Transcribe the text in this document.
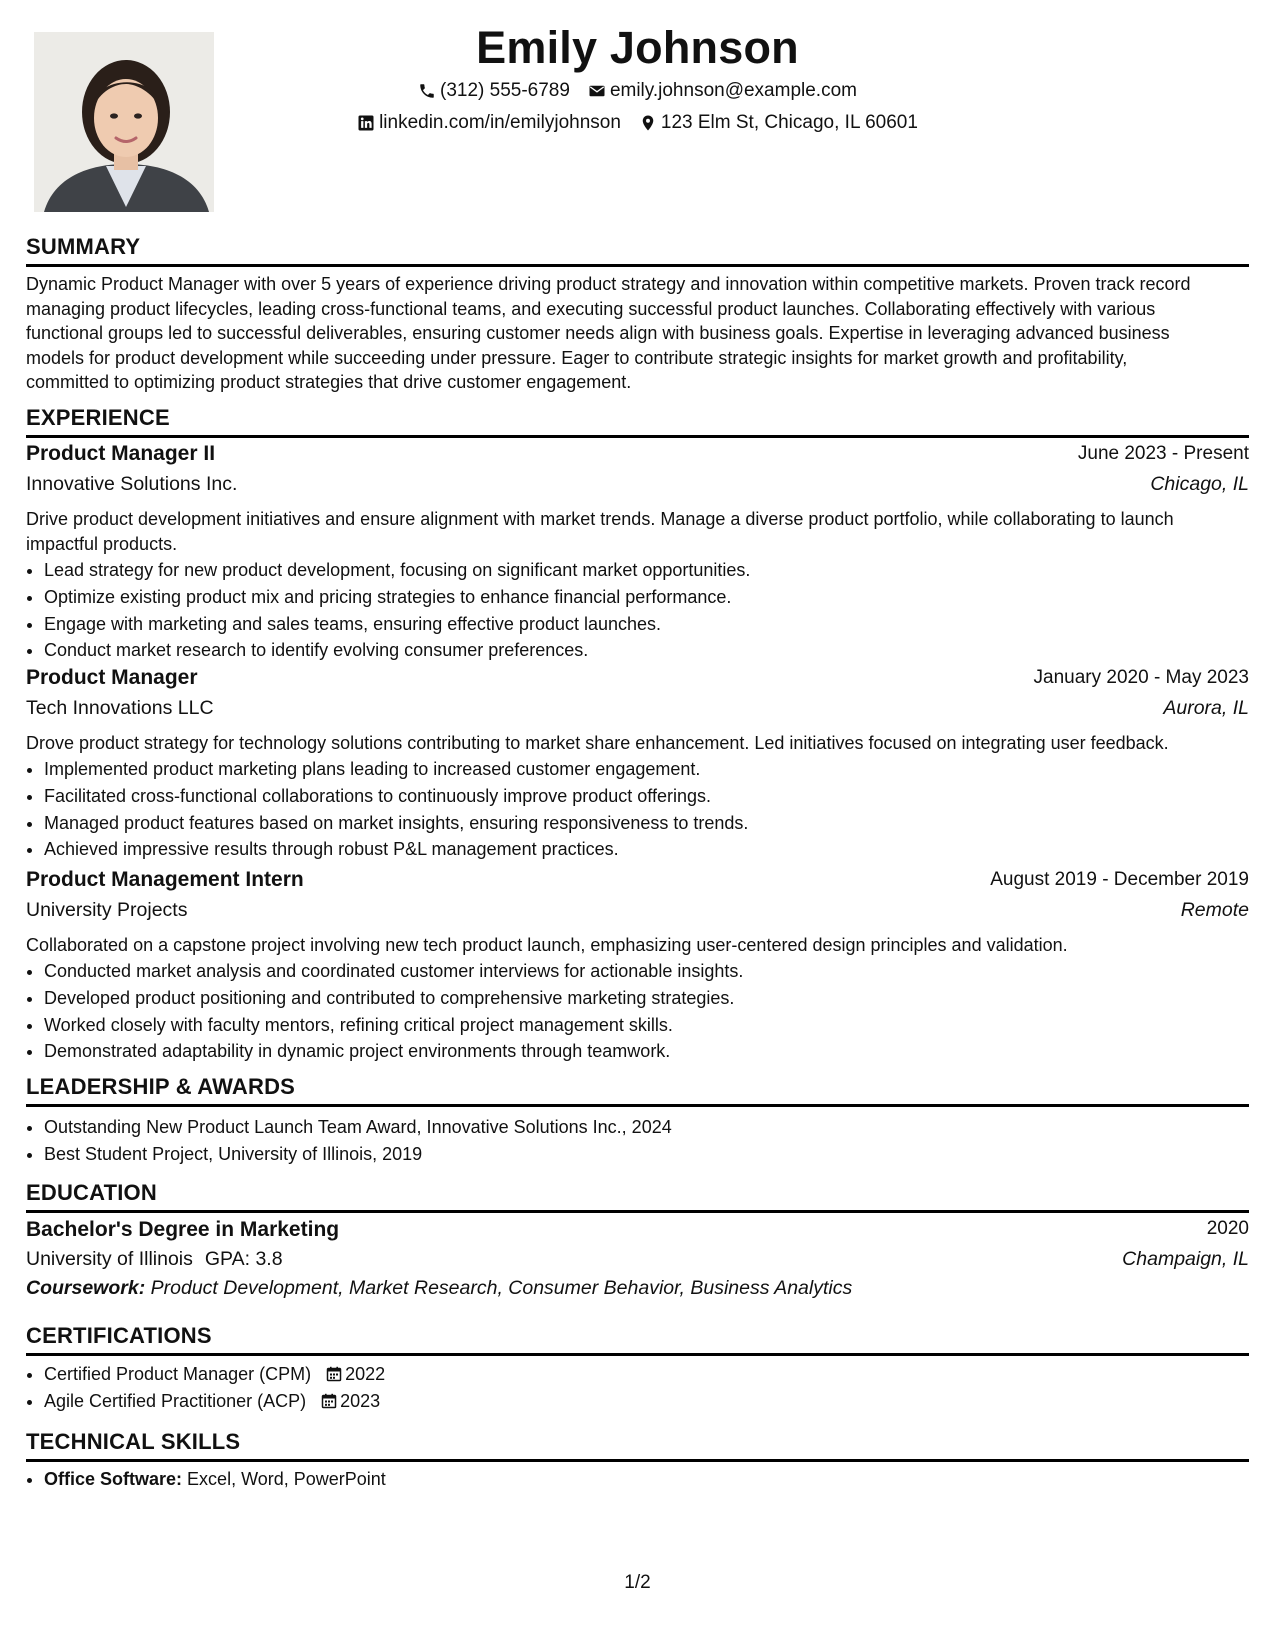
Emily Johnson
(312) 555-6789 emily.johnson@example.com
linkedin.com/in/emilyjohnson 123 Elm St, Chicago, IL 60601
SUMMARY
Dynamic Product Manager with over 5 years of experience driving product strategy and innovation within competitive markets. Proven track record
managing product lifecycles, leading cross-functional teams, and executing successful product launches. Collaborating effectively with various
functional groups led to successful deliverables, ensuring customer needs align with business goals. Expertise in leveraging advanced business
models for product development while succeeding under pressure. Eager to contribute strategic insights for market growth and profitability,
committed to optimizing product strategies that drive customer engagement.
EXPERIENCE
Product Manager II	June 2023 - Present
Innovative Solutions Inc.	Chicago, IL
Drive product development initiatives and ensure alignment with market trends. Manage a diverse product portfolio, while collaborating to launch
impactful products.
• Lead strategy for new product development, focusing on significant market opportunities.
• Optimize existing product mix and pricing strategies to enhance financial performance.
• Engage with marketing and sales teams, ensuring effective product launches.
• Conduct market research to identify evolving consumer preferences.
Product Manager	January 2020 - May 2023
Tech Innovations LLC	Aurora, IL
Drove product strategy for technology solutions contributing to market share enhancement. Led initiatives focused on integrating user feedback.
• Implemented product marketing plans leading to increased customer engagement.
• Facilitated cross-functional collaborations to continuously improve product offerings.
• Managed product features based on market insights, ensuring responsiveness to trends.
• Achieved impressive results through robust P&L management practices.
Product Management Intern	August 2019 - December 2019
University Projects	Remote
Collaborated on a capstone project involving new tech product launch, emphasizing user-centered design principles and validation.
• Conducted market analysis and coordinated customer interviews for actionable insights.
• Developed product positioning and contributed to comprehensive marketing strategies.
• Worked closely with faculty mentors, refining critical project management skills.
• Demonstrated adaptability in dynamic project environments through teamwork.
LEADERSHIP & AWARDS
• Outstanding New Product Launch Team Award, Innovative Solutions Inc., 2024
• Best Student Project, University of Illinois, 2019
EDUCATION
Bachelor's Degree in Marketing	2020
University of Illinois GPA: 3.8	Champaign, IL
Coursework: Product Development, Market Research, Consumer Behavior, Business Analytics
CERTIFICATIONS
• Certified Product Manager (CPM) 2022
• Agile Certified Practitioner (ACP) 2023
TECHNICAL SKILLS
• Office Software: Excel, Word, PowerPoint
1/2
